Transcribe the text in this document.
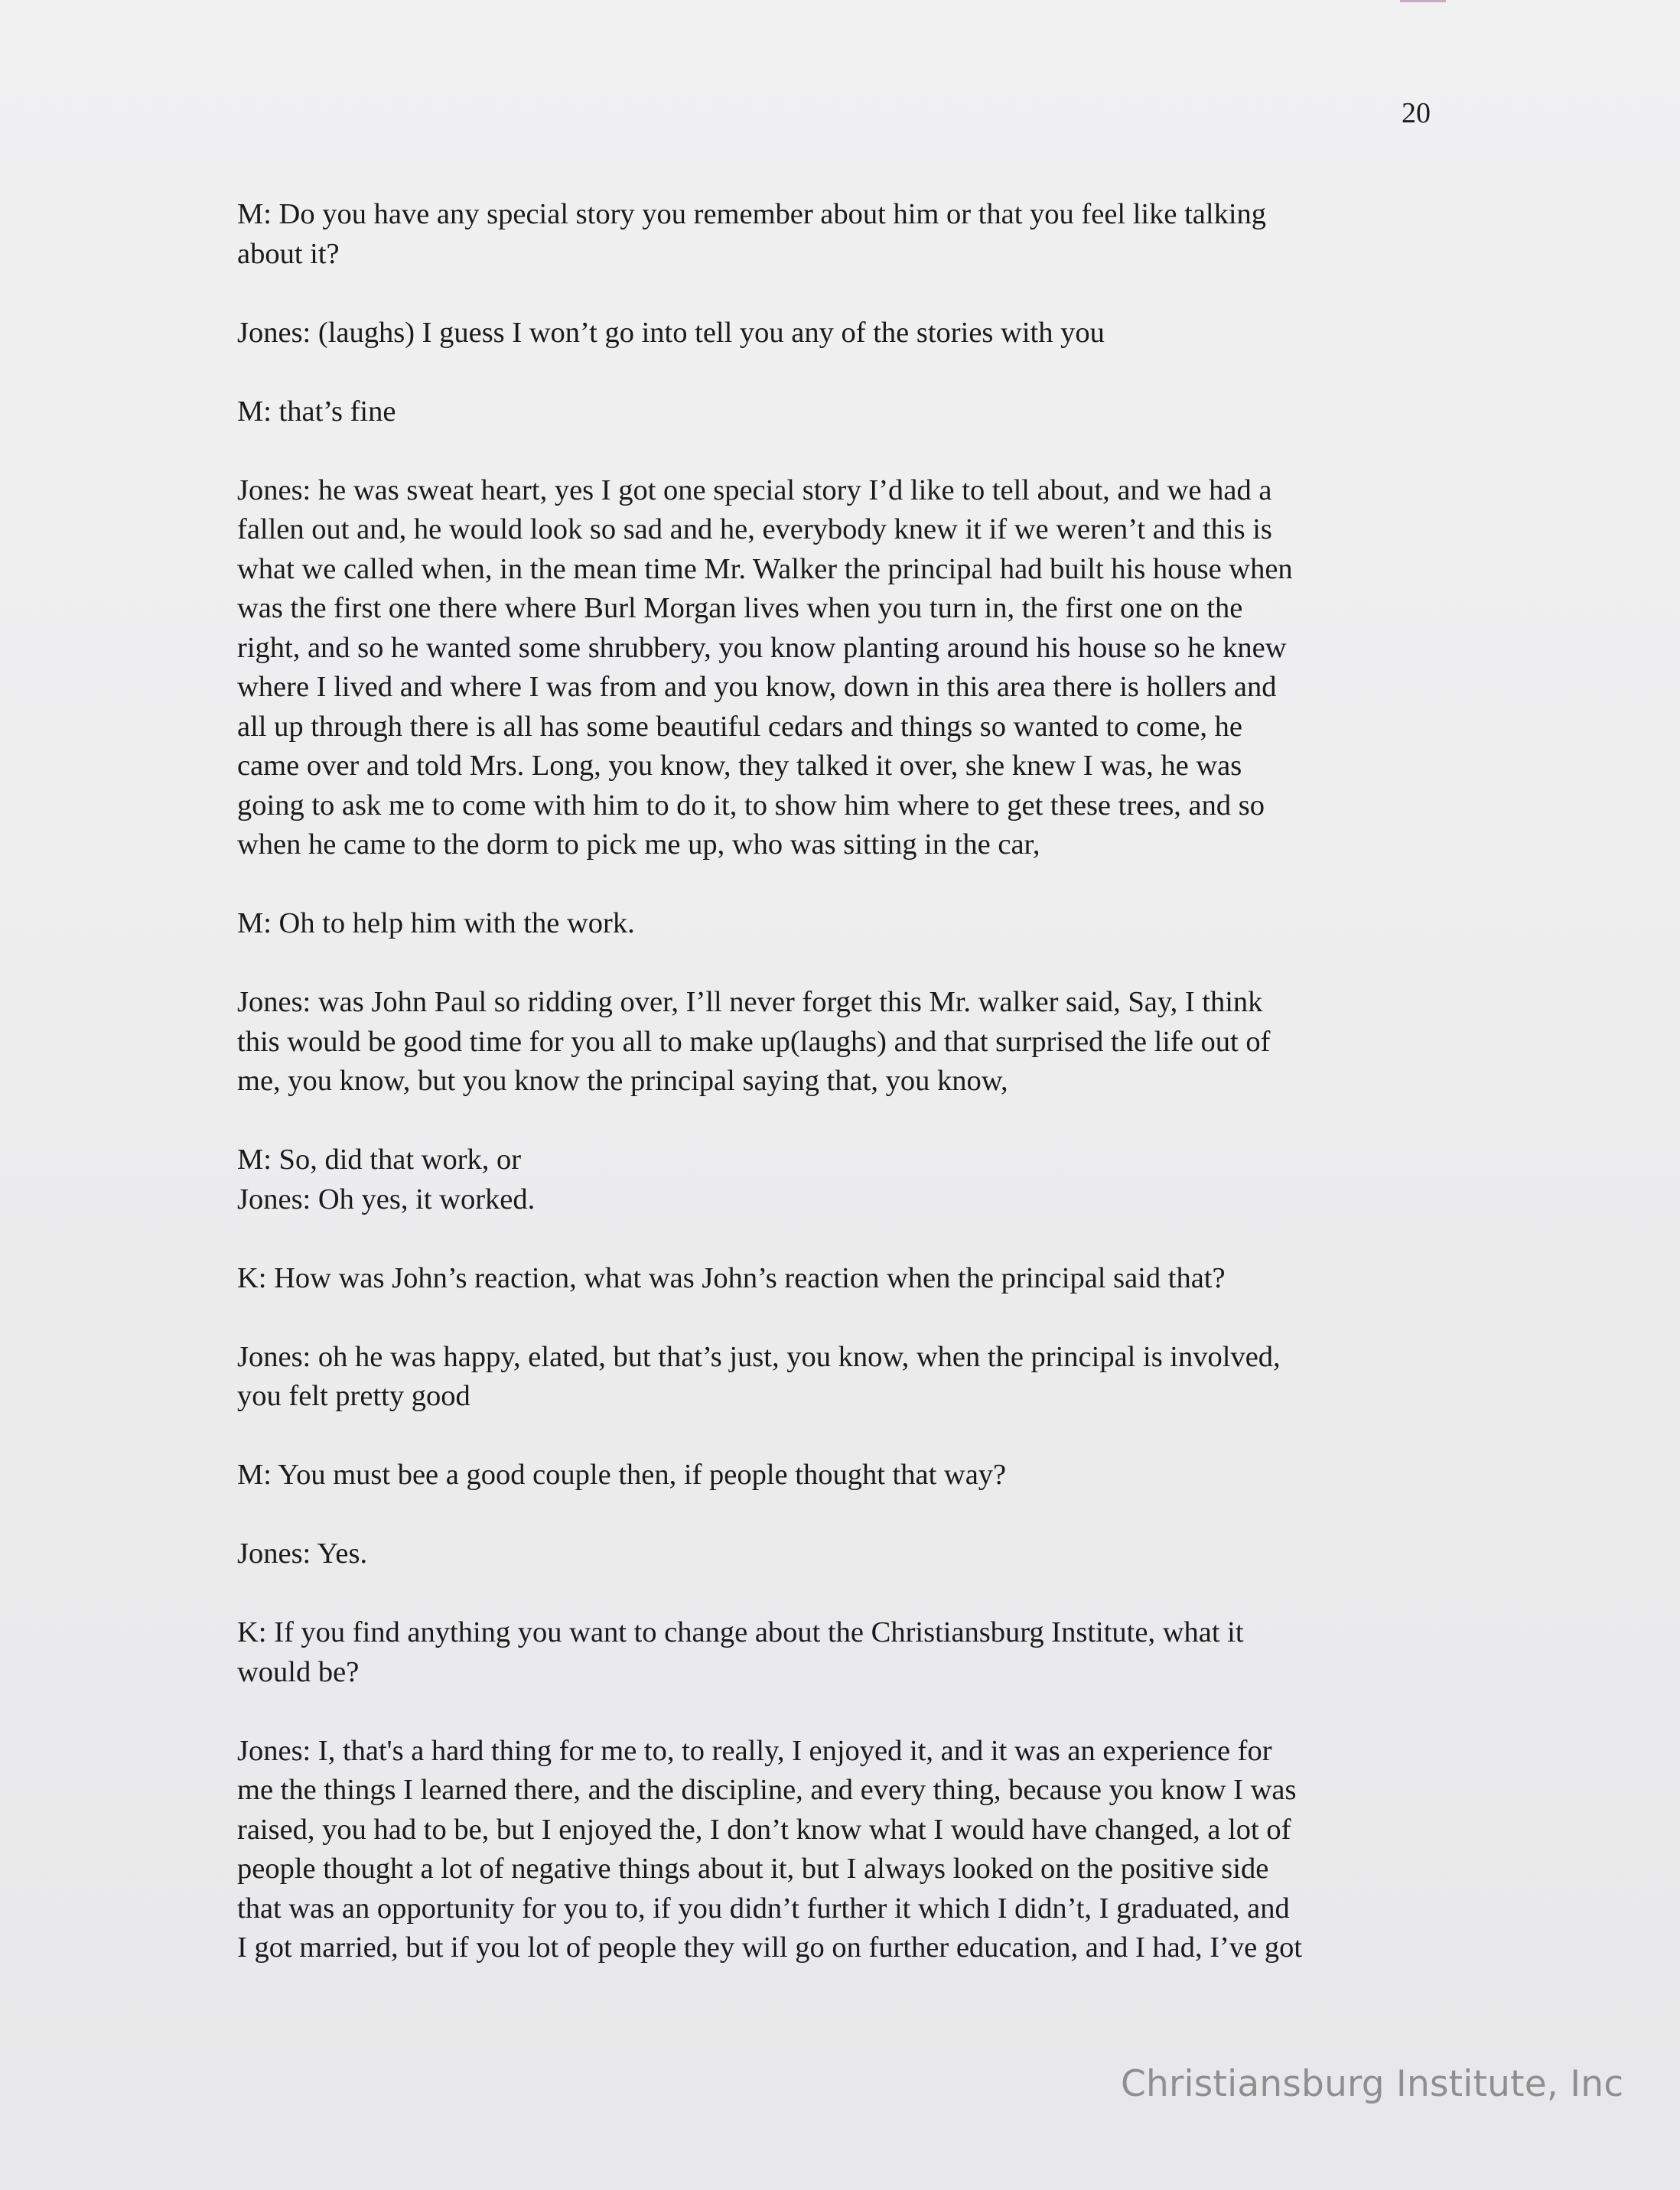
20

M: Do you have any special story you remember about him or that you feel like talking
about it?

Jones: (laughs) I guess I won’t go into tell you any of the stories with you

M: that’s fine

Jones: he was sweat heart, yes I got one special story I’d like to tell about, and we had a
fallen out and, he would look so sad and he, everybody knew it if we weren’t and this is
what we called when, in the mean time Mr. Walker the principal had built his house when
was the first one there where Burl Morgan lives when you turn in, the first one on the
right, and so he wanted some shrubbery, you know planting around his house so he knew
where I lived and where I was from and you know, down in this area there is hollers and
all up through there is all has some beautiful cedars and things so wanted to come, he
came over and told Mrs. Long, you know, they talked it over, she knew I was, he was
going to ask me to come with him to do it, to show him where to get these trees, and so
when he came to the dorm to pick me up, who was sitting in the car,

M: Oh to help him with the work.

Jones: was John Paul so ridding over, I’ll never forget this Mr. walker said, Say, I think
this would be good time for you all to make up(laughs) and that surprised the life out of
me, you know, but you know the principal saying that, you know,

M: So, did that work, or

Jones: Oh yes, it worked.

K: How was John’s reaction, what was John’s reaction when the principal said that?

Jones: oh he was happy, elated, but that’s just, you know, when the principal is involved,
you felt pretty good

M: You must bee a good couple then, if people thought that way?

Jones: Yes.

K: If you find anything you want to change about the Christiansburg Institute, what it
would be?

Jones: I, that's a hard thing for me to, to really, I enjoyed it, and it was an experience for
me the things I learned there, and the discipline, and every thing, because you know I was
raised, you had to be, but I enjoyed the, I don’t know what I would have changed, a lot of
people thought a lot of negative things about it, but I always looked on the positive side
that was an opportunity for you to, if you didn’t further it which I didn’t, I graduated, and
I got married, but if you lot of people they will go on further education, and I had, I’ve got

Christiansburg Institute, Inc
